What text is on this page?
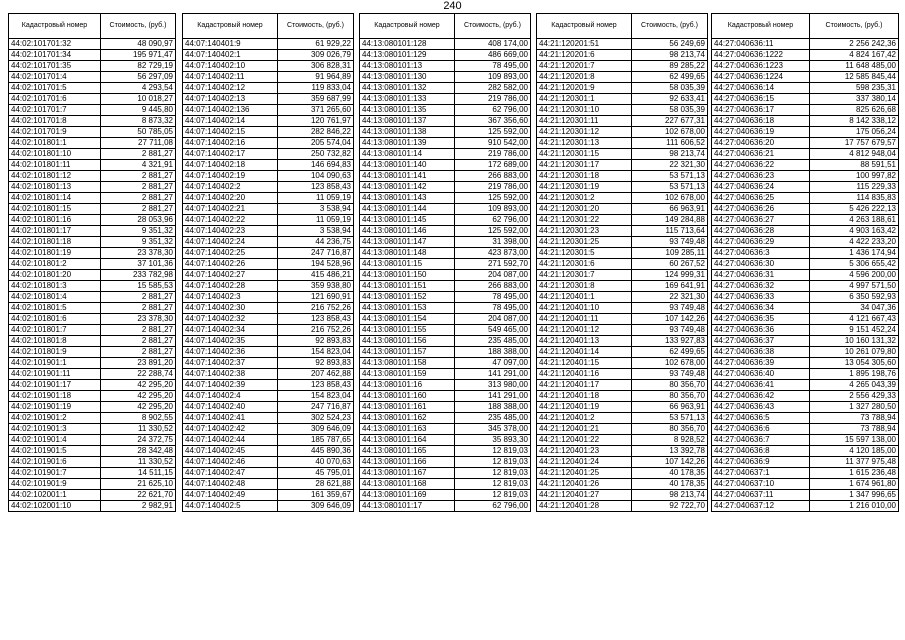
240
Кадастровый номер	Стоимость, (руб.)
44:02:101701:32	48 090,97
44:02:101701:34	195 971,47
44:02:101701:35	82 729,19
44:02:101701:4	56 297,09
44:02:101701:5	4 293,54
44:02:101701:6	10 018,27
44:02:101701:7	9 445,80
44:02:101701:8	8 873,32
44:02:101701:9	50 785,05
44:02:101801:1	27 711,08
44:02:101801:10	2 881,27
44:02:101801:11	4 321,91
44:02:101801:12	2 881,27
44:02:101801:13	2 881,27
44:02:101801:14	2 881,27
44:02:101801:15	2 881,27
44:02:101801:16	28 053,96
44:02:101801:17	9 351,32
44:02:101801:18	9 351,32
44:02:101801:19	23 378,30
44:02:101801:2	37 101,36
44:02:101801:20	233 782,98
44:02:101801:3	15 585,53
44:02:101801:4	2 881,27
44:02:101801:5	2 881,27
44:02:101801:6	23 378,30
44:02:101801:7	2 881,27
44:02:101801:8	2 881,27
44:02:101801:9	2 881,27
44:02:101901:1	23 891,20
44:02:101901:11	22 288,74
44:02:101901:17	42 295,20
44:02:101901:18	42 295,20
44:02:101901:19	42 295,20
44:02:101901:2	8 902,55
44:02:101901:3	11 330,52
44:02:101901:4	24 372,75
44:02:101901:5	28 342,48
44:02:101901:6	11 330,52
44:02:101901:7	14 511,15
44:02:101901:9	21 625,10
44:02:102001:1	22 621,70
44:02:102001:10	2 982,91
Кадастровый номер	Стоимость, (руб.)
44:07:140401:9	61 929,22
44:07:140402:1	309 026,79
44:07:140402:10	306 828,31
44:07:140402:11	91 964,89
44:07:140402:12	119 833,04
44:07:140402:13	359 687,99
44:07:140402:136	371 265,60
44:07:140402:14	120 761,97
44:07:140402:15	282 846,22
44:07:140402:16	205 574,04
44:07:140402:17	250 732,82
44:07:140402:18	146 694,83
44:07:140402:19	104 090,63
44:07:140402:2	123 858,43
44:07:140402:20	11 059,19
44:07:140402:21	3 538,94
44:07:140402:22	11 059,19
44:07:140402:23	3 538,94
44:07:140402:24	44 236,75
44:07:140402:25	247 716,87
44:07:140402:26	194 528,96
44:07:140402:27	415 486,21
44:07:140402:28	359 938,80
44:07:140402:3	121 690,91
44:07:140402:30	216 752,26
44:07:140402:32	123 858,43
44:07:140402:34	216 752,26
44:07:140402:35	92 893,83
44:07:140402:36	154 823,04
44:07:140402:37	92 893,83
44:07:140402:38	207 462,88
44:07:140402:39	123 858,43
44:07:140402:4	154 823,04
44:07:140402:40	247 716,87
44:07:140402:41	302 524,23
44:07:140402:42	309 646,09
44:07:140402:44	185 787,65
44:07:140402:45	445 890,36
44:07:140402:46	40 070,63
44:07:140402:47	45 795,01
44:07:140402:48	28 621,88
44:07:140402:49	161 359,67
44:07:140402:5	309 646,09
Кадастровый номер	Стоимость, (руб.)
44:13:080101:128	408 174,00
44:13:080101:129	486 669,00
44:13:080101:13	78 495,00
44:13:080101:130	109 893,00
44:13:080101:132	282 582,00
44:13:080101:133	219 786,00
44:13:080101:135	62 796,00
44:13:080101:137	367 356,60
44:13:080101:138	125 592,00
44:13:080101:139	910 542,00
44:13:080101:14	219 786,00
44:13:080101:140	172 689,00
44:13:080101:141	266 883,00
44:13:080101:142	219 786,00
44:13:080101:143	125 592,00
44:13:080101:144	109 893,00
44:13:080101:145	62 796,00
44:13:080101:146	125 592,00
44:13:080101:147	31 398,00
44:13:080101:148	423 873,00
44:13:080101:15	271 592,70
44:13:080101:150	204 087,00
44:13:080101:151	266 883,00
44:13:080101:152	78 495,00
44:13:080101:153	78 495,00
44:13:080101:154	204 087,00
44:13:080101:155	549 465,00
44:13:080101:156	235 485,00
44:13:080101:157	188 388,00
44:13:080101:158	47 097,00
44:13:080101:159	141 291,00
44:13:080101:16	313 980,00
44:13:080101:160	141 291,00
44:13:080101:161	188 388,00
44:13:080101:162	235 485,00
44:13:080101:163	345 378,00
44:13:080101:164	35 893,30
44:13:080101:165	12 819,03
44:13:080101:166	12 819,03
44:13:080101:167	12 819,03
44:13:080101:168	12 819,03
44:13:080101:169	12 819,03
44:13:080101:17	62 796,00
Кадастровый номер	Стоимость, (руб.)
44:21:120201:51	56 249,69
44:21:120201:6	98 213,74
44:21:120201:7	89 285,22
44:21:120201:8	62 499,65
44:21:120201:9	58 035,39
44:21:120301:1	92 633,41
44:21:120301:10	58 035,39
44:21:120301:11	227 677,31
44:21:120301:12	102 678,00
44:21:120301:13	111 606,52
44:21:120301:15	98 213,74
44:21:120301:17	22 321,30
44:21:120301:18	53 571,13
44:21:120301:19	53 571,13
44:21:120301:2	102 678,00
44:21:120301:20	66 963,91
44:21:120301:22	149 284,88
44:21:120301:23	115 713,64
44:21:120301:25	93 749,48
44:21:120301:5	109 285,11
44:21:120301:6	60 267,52
44:21:120301:7	124 999,31
44:21:120301:8	169 641,91
44:21:120401:1	22 321,30
44:21:120401:10	93 749,48
44:21:120401:11	107 142,26
44:21:120401:12	93 749,48
44:21:120401:13	133 927,83
44:21:120401:14	62 499,65
44:21:120401:15	102 678,00
44:21:120401:16	93 749,48
44:21:120401:17	80 356,70
44:21:120401:18	80 356,70
44:21:120401:19	66 963,91
44:21:120401:2	53 571,13
44:21:120401:21	80 356,70
44:21:120401:22	8 928,52
44:21:120401:23	13 392,78
44:21:120401:24	107 142,26
44:21:120401:25	40 178,35
44:21:120401:26	40 178,35
44:21:120401:27	98 213,74
44:21:120401:28	92 722,70
Кадастровый номер	Стоимость, (руб.)
44:27:040636:11	2 256 242,36
44:27:040636:1222	4 824 167,42
44:27:040636:1223	11 648 485,00
44:27:040636:1224	12 585 845,44
44:27:040636:14	598 235,31
44:27:040636:15	337 380,14
44:27:040636:17	825 626,68
44:27:040636:18	8 142 338,12
44:27:040636:19	175 056,24
44:27:040636:20	17 757 679,57
44:27:040636:21	4 812 948,04
44:27:040636:22	88 591,51
44:27:040636:23	100 997,82
44:27:040636:24	115 229,33
44:27:040636:25	114 835,83
44:27:040636:26	5 426 222,13
44:27:040636:27	4 263 188,61
44:27:040636:28	4 903 163,42
44:27:040636:29	4 422 233,20
44:27:040636:3	1 436 174,94
44:27:040636:30	5 306 655,42
44:27:040636:31	4 596 200,00
44:27:040636:32	4 997 571,50
44:27:040636:33	6 350 592,93
44:27:040636:34	34 047,36
44:27:040636:35	4 121 667,43
44:27:040636:36	9 151 452,24
44:27:040636:37	10 160 131,32
44:27:040636:38	10 261 079,80
44:27:040636:39	13 054 305,60
44:27:040636:40	1 895 198,76
44:27:040636:41	4 265 043,39
44:27:040636:42	2 556 429,33
44:27:040636:43	1 327 280,50
44:27:040636:5	73 788,94
44:27:040636:6	73 788,94
44:27:040636:7	15 597 138,00
44:27:040636:8	4 120 185,00
44:27:040636:9	11 377 975,48
44:27:040637:1	1 615 236,48
44:27:040637:10	1 674 961,80
44:27:040637:11	1 347 996,65
44:27:040637:12	1 216 010,00
